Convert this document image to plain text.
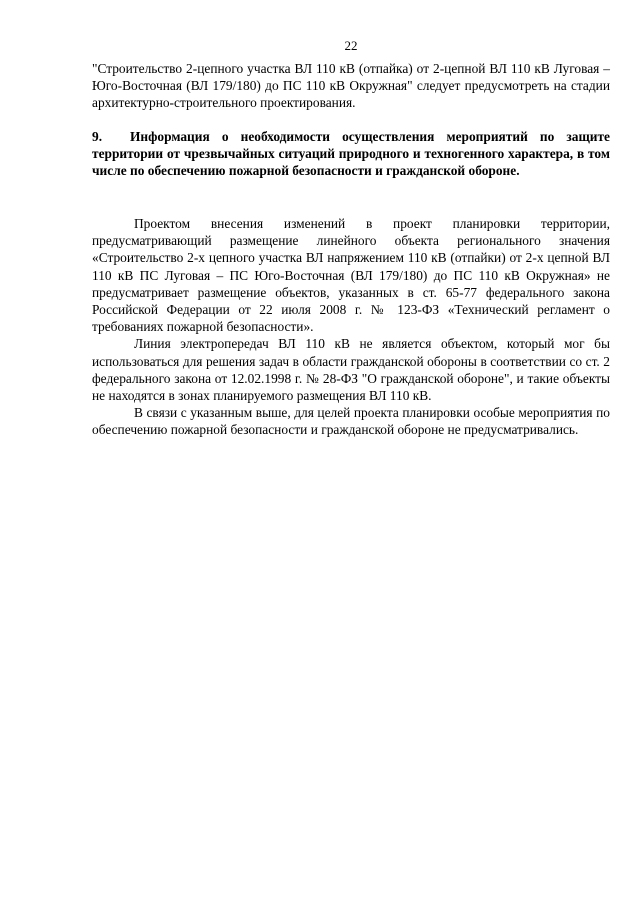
22

"Строительство 2-цепного участка ВЛ 110 кВ (отпайка) от 2-цепной ВЛ 110 кВ Луговая – Юго-Восточная (ВЛ 179/180) до ПС 110 кВ Окружная" следует предусмотреть на стадии архитектурно-строительного проектирования.

9. Информация о необходимости осуществления мероприятий по защите территории от чрезвычайных ситуаций природного и техногенного характера, в том числе по обеспечению пожарной безопасности и гражданской обороне.

Проектом внесения изменений в проект планировки территории, предусматривающий размещение линейного объекта регионального значения «Строительство 2-х цепного участка ВЛ напряжением 110 кВ (отпайки) от 2-х цепной ВЛ 110 кВ ПС Луговая – ПС Юго-Восточная (ВЛ 179/180) до ПС 110 кВ Окружная» не предусматривает размещение объектов, указанных в ст. 65-77 федерального закона Российской Федерации от 22 июля 2008 г. № 123-ФЗ «Технический регламент о требованиях пожарной безопасности».

Линия электропередач ВЛ 110 кВ не является объектом, который мог бы использоваться для решения задач в области гражданской обороны в соответствии со ст. 2 федерального закона от 12.02.1998 г. № 28-ФЗ "О гражданской обороне", и такие объекты не находятся в зонах планируемого размещения ВЛ 110 кВ.

В связи с указанным выше, для целей проекта планировки особые мероприятия по обеспечению пожарной безопасности и гражданской обороне не предусматривались.
